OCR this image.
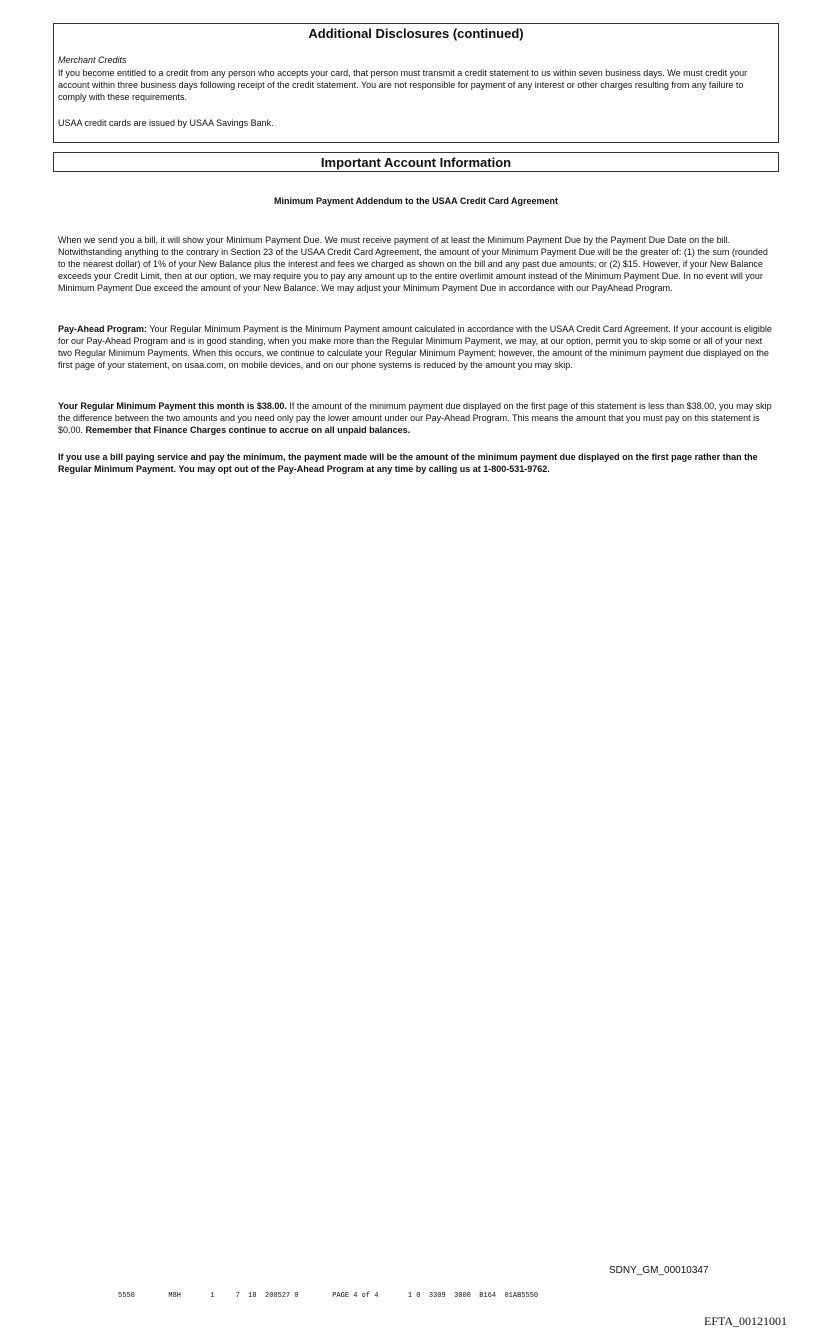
Additional Disclosures (continued)
Merchant Credits
If you become entitled to a credit from any person who accepts your card, that person must transmit a credit statement to us within seven business days. We must credit your account within three business days following receipt of the credit statement. You are not responsible for payment of any interest or other charges resulting from any failure to comply with these requirements.
USAA credit cards are issued by USAA Savings Bank.
Important Account Information
Minimum Payment Addendum to the USAA Credit Card Agreement
When we send you a bill, it will show your Minimum Payment Due. We must receive payment of at least the Minimum Payment Due by the Payment Due Date on the bill. Notwithstanding anything to the contrary in Section 23 of the USAA Credit Card Agreement, the amount of your Minimum Payment Due will be the greater of: (1) the sum (rounded to the nearest dollar) of 1% of your New Balance plus the interest and fees we charged as shown on the bill and any past due amounts; or (2) $15. However, if your New Balance exceeds your Credit Limit, then at our option, we may require you to pay any amount up to the entire overlimit amount instead of the Minimum Payment Due. In no event will your Minimum Payment Due exceed the amount of your New Balance. We may adjust your Minimum Payment Due in accordance with our PayAhead Program.
Pay-Ahead Program: Your Regular Minimum Payment is the Minimum Payment amount calculated in accordance with the USAA Credit Card Agreement. If your account is eligible for our Pay-Ahead Program and is in good standing, when you make more than the Regular Minimum Payment, we may, at our option, permit you to skip some or all of your next two Regular Minimum Payments. When this occurs, we continue to calculate your Regular Minimum Payment; however, the amount of the minimum payment due displayed on the first page of your statement, on usaa.com, on mobile devices, and on our phone systems is reduced by the amount you may skip.
Your Regular Minimum Payment this month is $38.00. If the amount of the minimum payment due displayed on the first page of this statement is less than $38.00, you may skip the difference between the two amounts and you need only pay the lower amount under our Pay-Ahead Program. This means the amount that you must pay on this statement is $0.00. Remember that Finance Charges continue to accrue on all unpaid balances.
If you use a bill paying service and pay the minimum, the payment made will be the amount of the minimum payment due displayed on the first page rather than the Regular Minimum Payment. You may opt out of the Pay-Ahead Program at any time by calling us at 1-800-531-9762.
SDNY_GM_00010347
5550        M8H       1     7  18  200527 0        PAGE 4 of 4       1 0  3309  3000  B164  01AB5550
EFTA_00121001
